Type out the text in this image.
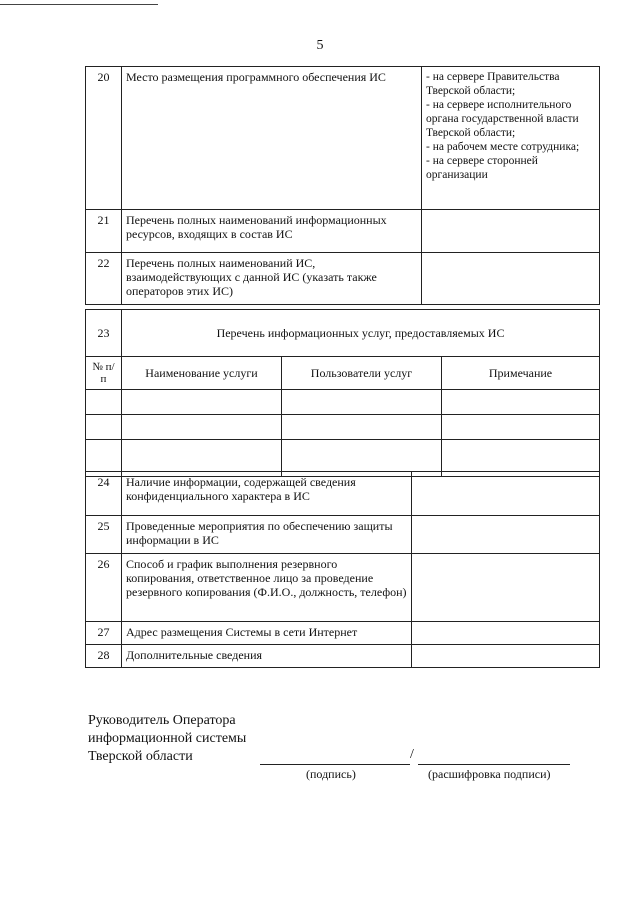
5
20	Место размещения программного обеспечения ИС	- на сервере Правительства Тверской области;
- на сервере исполнительного органа государственной власти Тверской области;
- на рабочем месте сотрудника;
- на сервере сторонней организации

21	Перечень полных наименований информационных ресурсов, входящих в состав ИС	
22	Перечень полных наименований ИС, взаимодействующих с данной ИС (указать также операторов этих ИС)	
23	Перечень информационных услуг, предоставляемых ИС		
№ п/п	Наименование услуги	Пользователи услуг	Примечание

24	Наличие информации, содержащей сведения конфиденциального характера в ИС	
25	Проведенные мероприятия по обеспечению защиты информации в ИС	
26	Способ и график выполнения резервного копирования, ответственное лицо за проведение резервного копирования (Ф.И.О., должность, телефон)	
27	Адрес размещения Системы в сети Интернет	
28	Дополнительные сведения	
Руководитель Оператора
информационной системы
Тверской области	/
(подпись)	(расшифровка подписи)
